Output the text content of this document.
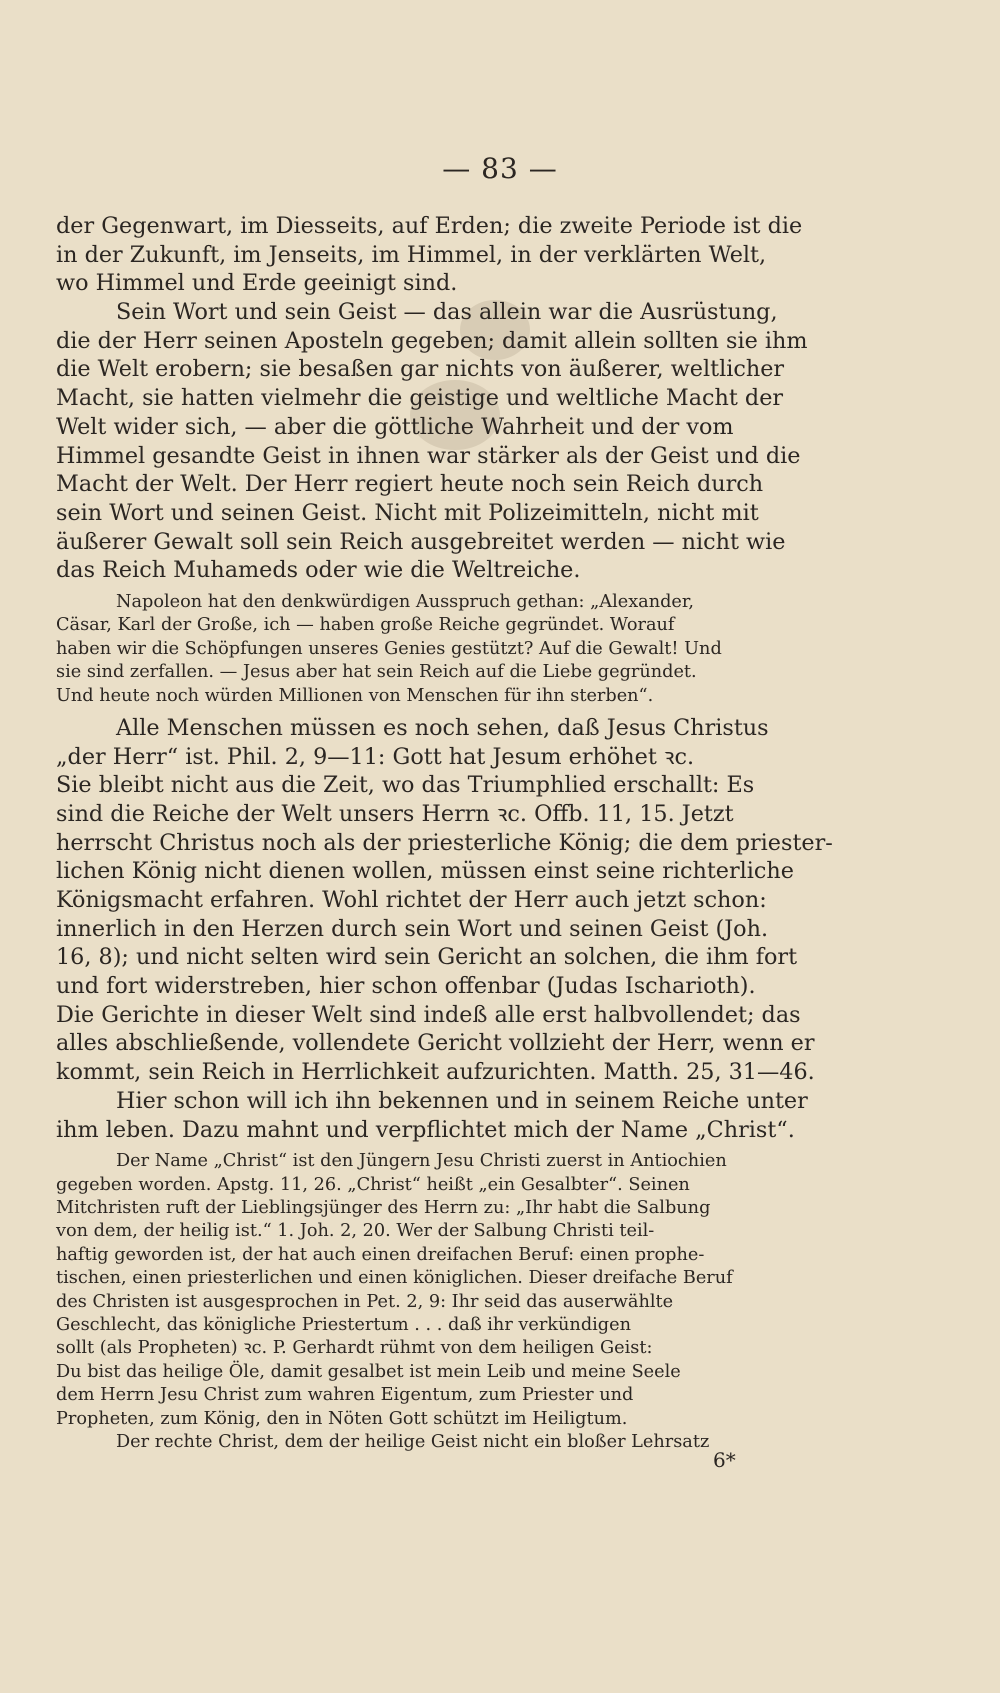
— 83 —
der Gegenwart, im Diesseits, auf Erden; die zweite Periode ist die
in der Zukunft, im Jenseits, im Himmel, in der verklärten Welt,
wo Himmel und Erde geeinigt sind.
Sein Wort und sein Geist — das allein war die Ausrüstung,
die der Herr seinen Aposteln gegeben; damit allein sollten sie ihm
die Welt erobern; sie besaßen gar nichts von äußerer, weltlicher
Macht, sie hatten vielmehr die geistige und weltliche Macht der
Welt wider sich, — aber die göttliche Wahrheit und der vom
Himmel gesandte Geist in ihnen war stärker als der Geist und die
Macht der Welt. Der Herr regiert heute noch sein Reich durch
sein Wort und seinen Geist. Nicht mit Polizeimitteln, nicht mit
äußerer Gewalt soll sein Reich ausgebreitet werden — nicht wie
das Reich Muhameds oder wie die Weltreiche.
Napoleon hat den denkwürdigen Ausspruch gethan: „Alexander,
Cäsar, Karl der Große, ich — haben große Reiche gegründet. Worauf
haben wir die Schöpfungen unseres Genies gestützt? Auf die Gewalt! Und
sie sind zerfallen. — Jesus aber hat sein Reich auf die Liebe gegründet.
Und heute noch würden Millionen von Menschen für ihn sterben“.
Alle Menschen müssen es noch sehen, daß Jesus Christus
„der Herr“ ist. Phil. 2, 9—11: Gott hat Jesum erhöhet ꝛc.
Sie bleibt nicht aus die Zeit, wo das Triumphlied erschallt: Es
sind die Reiche der Welt unsers Herrn ꝛc. Offb. 11, 15. Jetzt
herrscht Christus noch als der priesterliche König; die dem priester-
lichen König nicht dienen wollen, müssen einst seine richterliche
Königsmacht erfahren. Wohl richtet der Herr auch jetzt schon:
innerlich in den Herzen durch sein Wort und seinen Geist (Joh.
16, 8); und nicht selten wird sein Gericht an solchen, die ihm fort
und fort widerstreben, hier schon offenbar (Judas Ischarioth).
Die Gerichte in dieser Welt sind indeß alle erst halbvollendet; das
alles abschließende, vollendete Gericht vollzieht der Herr, wenn er
kommt, sein Reich in Herrlichkeit aufzurichten. Matth. 25, 31—46.
Hier schon will ich ihn bekennen und in seinem Reiche unter
ihm leben. Dazu mahnt und verpflichtet mich der Name „Christ“.
Der Name „Christ“ ist den Jüngern Jesu Christi zuerst in Antiochien
gegeben worden. Apstg. 11, 26. „Christ“ heißt „ein Gesalbter“. Seinen
Mitchristen ruft der Lieblingsjünger des Herrn zu: „Ihr habt die Salbung
von dem, der heilig ist.“ 1. Joh. 2, 20. Wer der Salbung Christi teil-
haftig geworden ist, der hat auch einen dreifachen Beruf: einen prophe-
tischen, einen priesterlichen und einen königlichen. Dieser dreifache Beruf
des Christen ist ausgesprochen in Pet. 2, 9: Ihr seid das auserwählte
Geschlecht, das königliche Priestertum . . . daß ihr verkündigen
sollt (als Propheten) ꝛc. P. Gerhardt rühmt von dem heiligen Geist:
Du bist das heilige Öle, damit gesalbet ist mein Leib und meine Seele
dem Herrn Jesu Christ zum wahren Eigentum, zum Priester und
Propheten, zum König, den in Nöten Gott schützt im Heiligtum.
Der rechte Christ, dem der heilige Geist nicht ein bloßer Lehrsatz
6*
